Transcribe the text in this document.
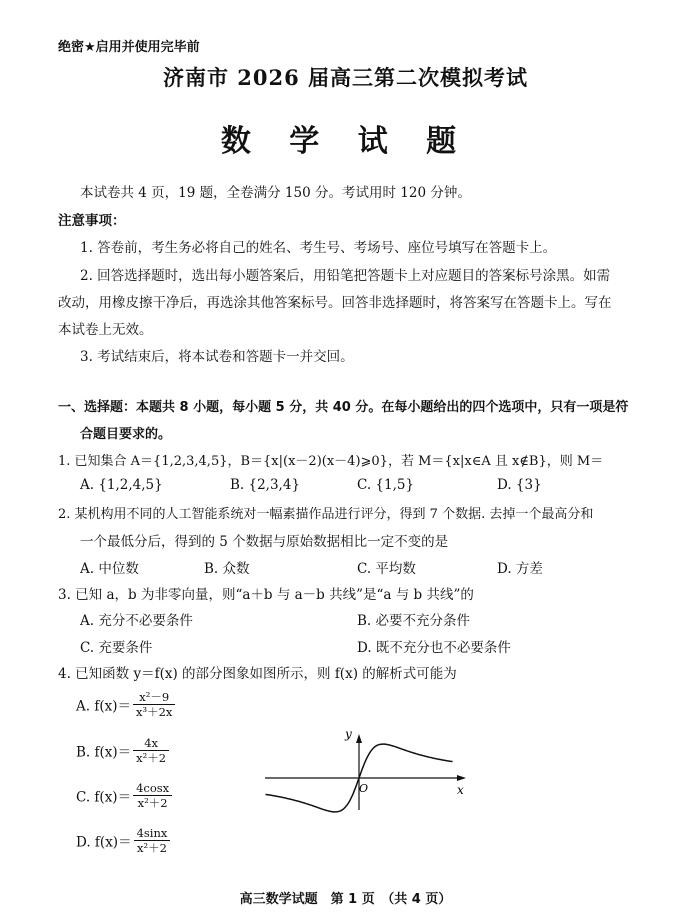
绝密★启用并使用完毕前
济南市 2026 届高三第二次模拟考试
数 学 试 题
本试卷共 4 页，19 题，全卷满分 150 分。考试用时 120 分钟。
注意事项：
1. 答卷前，考生务必将自己的姓名、考生号、考场号、座位号填写在答题卡上。
2. 回答选择题时，选出每小题答案后，用铅笔把答题卡上对应题目的答案标号涂黑。如需
改动，用橡皮擦干净后，再选涂其他答案标号。回答非选择题时，将答案写在答题卡上。写在
本试卷上无效。
3. 考试结束后，将本试卷和答题卡一并交回。
一、选择题：本题共 8 小题，每小题 5 分，共 40 分。在每小题给出的四个选项中，只有一项是符
合题目要求的。
1. 已知集合 A＝{1,2,3,4,5}，B＝{x|(x－2)(x－4)⩾0}，若 M＝{x|x∈A 且 x∉B}，则 M＝
A. {1,2,4,5}	B. {2,3,4}	C. {1,5}	D. {3}
2. 某机构用不同的人工智能系统对一幅素描作品进行评分，得到 7 个数据. 去掉一个最高分和
一个最低分后，得到的 5 个数据与原始数据相比一定不变的是
A. 中位数	B. 众数	C. 平均数	D. 方差
3. 已知 a，b 为非零向量，则“a＋b 与 a－b 共线”是“a 与 b 共线”的
A. 充分不必要条件	B. 必要不充分条件
C. 充要条件	D. 既不充分也不必要条件
4. 已知函数 y＝f(x) 的部分图象如图所示，则 f(x) 的解析式可能为
A. $f(x)= \frac{\text{x²－9}}{\text{x³＋2x}}$
B. $f(x)= \frac{4x}{\text{x²＋2}}$
C. $f(x)= \frac{4\cos x}{\text{x²＋2}}$
D. $f(x)= \frac{4\sin x}{\text{x²＋2}}$
y
x
O
高三数学试题　第 1 页　（共 4 页）
